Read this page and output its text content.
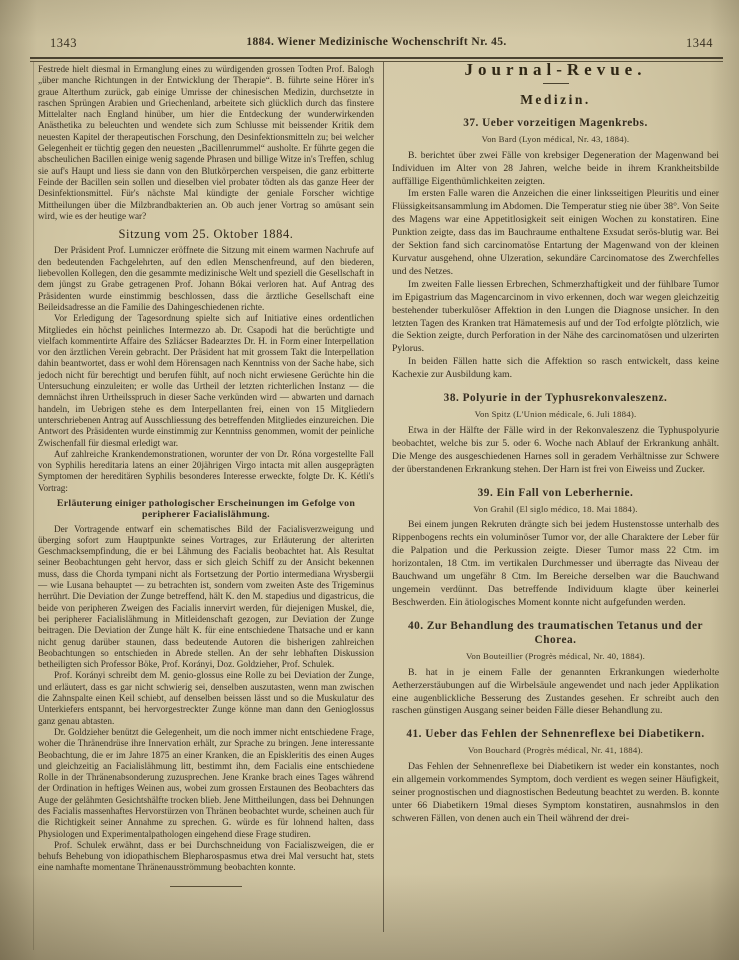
1343	1884. Wiener Medizinische Wochenschrift Nr. 45.	1344

Festrede hielt diesmal in Ermanglung eines zu würdigenden grossen Todten Prof. Balogh „über manche Richtungen in der Entwicklung der Therapie“. B. führte seine Hörer in's graue Alterthum zurück, gab einige Umrisse der chinesischen Medizin, durchsetzte in raschen Sprüngen Arabien und Griechenland, arbeitete sich glücklich durch das finstere Mittelalter nach England hinüber, um hier die Entdeckung der wunderwirkenden Anästhetika zu beleuchten und wendete sich zum Schlusse mit beissender Kritik dem neuesten Kapitel der therapeutischen Forschung, den Desinfektionsmitteln zu; bei welcher Gelegenheit er tüchtig gegen den neuesten „Bacillenrummel“ ausholte. Er führte gegen die abscheulichen Bacillen einige wenig sagende Phrasen und billige Witze in's Treffen, schlug sie auf's Haupt und liess sie dann von den Blutkörperchen verspeisen, die ganz erbitterte Feinde der Bacillen sein sollen und dieselben viel probater tödten als das ganze Heer der Desinfektionsmittel. Für's nächste Mal kündigte der geniale Forscher wichtige Mittheilungen über die Milzbrandbakterien an. Ob auch jener Vortrag so amüsant sein wird, wie es der heutige war?

Sitzung vom 25. Oktober 1884.

Der Präsident Prof. Lumniczer eröffnete die Sitzung mit einem warmen Nachrufe auf den bedeutenden Fachgelehrten, auf den edlen Menschenfreund, auf den biederen, liebevollen Kollegen, den die gesammte medizinische Welt und speziell die Gesellschaft in dem jüngst zu Grabe getragenen Prof. Johann Bókai verloren hat. Auf Antrag des Präsidenten wurde einstimmig beschlossen, dass die ärztliche Gesellschaft eine Beileidsadresse an die Familie des Dahingeschiedenen richte.

Vor Erledigung der Tagesordnung spielte sich auf Initiative eines ordentlichen Mitgliedes ein höchst peinliches Intermezzo ab. Dr. Csapodi hat die berüchtigte und vielfach kommentirte Affaire des Szliácser Badearztes Dr. H. in Form einer Interpellation vor den ärztlichen Verein gebracht. Der Präsident hat mit grossem Takt die Interpellation dahin beantwortet, dass er wohl dem Hörensagen nach Kenntniss von der Sache habe, sich jedoch nicht für berechtigt und berufen fühlt, auf noch nicht erwiesene Gerüchte hin die Untersuchung einzuleiten; er wolle das Urtheil der letzten richterlichen Instanz — die demnächst ihren Urtheilsspruch in dieser Sache verkünden wird — abwarten und darnach handeln, im Uebrigen stehe es dem Interpellanten frei, einen von 15 Mitgliedern unterschriebenen Antrag auf Ausschliessung des betreffenden Mitgliedes einzureichen. Die Antwort des Präsidenten wurde einstimmig zur Kenntniss genommen, womit der peinliche Zwischenfall für diesmal erledigt war.

Auf zahlreiche Krankendemonstrationen, worunter der von Dr. Róna vorgestellte Fall von Syphilis hereditaria latens an einer 20jährigen Virgo intacta mit allen ausgeprägten Symptomen der hereditären Syphilis besonderes Interesse erweckte, folgte Dr. K. Kétli's Vortrag:

Erläuterung einiger pathologischer Erscheinungen im Gefolge von peripherer Facialislähmung.

Der Vortragende entwarf ein schematisches Bild der Facialisverzweigung und überging sofort zum Hauptpunkte seines Vortrages, zur Erläuterung der alterirten Geschmacksempfindung, die er bei Lähmung des Facialis beobachtet hat. Als Resultat seiner Beobachtungen geht hervor, dass er sich gleich Schiff zu der Ansicht bekennen muss, dass die Chorda tympani nicht als Fortsetzung der Portio intermediana Wrysbergii — wie Lusana behauptet — zu betrachten ist, sondern vom zweiten Aste des Trigeminus herrührt. Die Deviation der Zunge betreffend, hält K. den M. stapedius und digastricus, die beide von peripheren Zweigen des Facialis innervirt werden, für diejenigen Muskel, die, bei peripherer Facialislähmung in Mitleidenschaft gezogen, zur Deviation der Zunge beitragen. Die Deviation der Zunge hält K. für eine entschiedene Thatsache und er kann nicht genug darüber staunen, dass bedeutende Autoren die bisherigen zahlreichen Beobachtungen so entschieden in Abrede stellen. An der sehr lebhaften Diskussion betheiligten sich Professor Böke, Prof. Korányi, Doz. Goldzieher, Prof. Schulek.

Prof. Korányi schreibt dem M. genio-glossus eine Rolle zu bei Deviation der Zunge, und erläutert, dass es gar nicht schwierig sei, denselben auszutasten, wenn man zwischen die Zahnspalte einen Keil schiebt, auf denselben beissen lässt und so die Muskulatur des Unterkiefers entspannt, bei hervorgestreckter Zunge könne man dann den Genioglossus ganz genau abtasten.

Dr. Goldzieher benützt die Gelegenheit, um die noch immer nicht entschiedene Frage, woher die Thränendrüse ihre Innervation erhält, zur Sprache zu bringen. Jene interessante Beobachtung, die er im Jahre 1875 an einer Kranken, die an Episkleritis des einen Auges und gleichzeitig an Facialislähmung litt, bestimmt ihn, dem Facialis eine entschiedene Rolle in der Thränenabsonderung zuzusprechen. Jene Kranke brach eines Tages während der Ordination in heftiges Weinen aus, wobei zum grossen Erstaunen des Beobachters das Auge der gelähmten Gesichtshälfte trocken blieb. Jene Mittheilungen, dass bei Dehnungen des Facialis massenhaftes Hervorstürzen von Thränen beobachtet wurde, scheinen auch für die Richtigkeit seiner Annahme zu sprechen. G. würde es für lohnend halten, dass Physiologen und Experimentalpathologen eingehend diese Frage studiren.

Prof. Schulek erwähnt, dass er bei Durchschneidung von Facialiszweigen, die er behufs Behebung von idiopathischem Blepharospasmus etwa drei Mal versucht hat, stets eine namhafte momentane Thränenausströmmung beobachten konnte.

Journal-Revue.
Medizin.
37. Ueber vorzeitigen Magenkrebs.
Von Bard (Lyon médical, Nr. 43, 1884).

B. berichtet über zwei Fälle von krebsiger Degeneration der Magenwand bei Individuen im Alter von 28 Jahren, welche beide in ihrem Krankheitsbilde auffällige Eigenthümlichkeiten zeigten.

Im ersten Falle waren die Anzeichen die einer linksseitigen Pleuritis und einer Flüssigkeitsansammlung im Abdomen. Die Temperatur stieg nie über 38°. Von Seite des Magens war eine Appetitlosigkeit seit einigen Wochen zu konstatiren. Eine Punktion zeigte, dass das im Bauchraume enthaltene Exsudat serös-blutig war. Bei der Sektion fand sich carcinomatöse Entartung der Magenwand von der kleinen Kurvatur ausgehend, ohne Ulzeration, sekundäre Carcinomatose des Zwerchfelles und des Netzes.

Im zweiten Falle liessen Erbrechen, Schmerzhaftigkeit und der fühlbare Tumor im Epigastrium das Magencarcinom in vivo erkennen, doch war wegen gleichzeitig bestehender tuberkulöser Affektion in den Lungen die Diagnose unsicher. In den letzten Tagen des Kranken trat Hämatemesis auf und der Tod erfolgte plötzlich, wie die Sektion zeigte, durch Perforation in der Nähe des carcinomatösen und ulzerirten Pylorus.

In beiden Fällen hatte sich die Affektion so rasch entwickelt, dass keine Kachexie zur Ausbildung kam.

38. Polyurie in der Typhusrekonvaleszenz.
Von Spitz (L'Union médicale, 6. Juli 1884).

Etwa in der Hälfte der Fälle wird in der Rekonvaleszenz die Typhuspolyurie beobachtet, welche bis zur 5. oder 6. Woche nach Ablauf der Erkrankung anhält. Die Menge des ausgeschiedenen Harnes soll in geradem Verhältnisse zur Schwere der überstandenen Erkrankung stehen. Der Harn ist frei von Eiweiss und Zucker.

39. Ein Fall von Leberhernie.
Von Grahil (El siglo médico, 18. Mai 1884).

Bei einem jungen Rekruten drängte sich bei jedem Hustenstosse unterhalb des Rippenbogens rechts ein voluminöser Tumor vor, der alle Charaktere der Leber für die Palpation und die Perkussion zeigte. Dieser Tumor mass 22 Ctm. im horizontalen, 18 Ctm. im vertikalen Durchmesser und überragte das Niveau der Bauchwand um ungefähr 8 Ctm. Im Bereiche derselben war die Bauchwand ungemein verdünnt. Das betreffende Individuum klagte über keinerlei Beschwerden. Ein ätiologisches Moment konnte nicht aufgefunden werden.

40. Zur Behandlung des traumatischen Tetanus und der Chorea.
Von Bouteillier (Progrès médical, Nr. 40, 1884).

B. hat in je einem Falle der genannten Erkrankungen wiederholte Aetherzerstäubungen auf die Wirbelsäule angewendet und nach jeder Applikation eine augenblickliche Besserung des Zustandes gesehen. Er schreibt auch den raschen günstigen Ausgang seiner beiden Fälle dieser Behandlung zu.

41. Ueber das Fehlen der Sehnenreflexe bei Diabetikern.
Von Bouchard (Progrès médical, Nr. 41, 1884).

Das Fehlen der Sehnenreflexe bei Diabetikern ist weder ein konstantes, noch ein allgemein vorkommendes Symptom, doch verdient es wegen seiner Häufigkeit, seiner prognostischen und diagnostischen Bedeutung beachtet zu werden. B. konnte unter 66 Diabetikern 19mal dieses Symptom konstatiren, ausnahmslos in den schweren Fällen, von denen auch ein Theil während der drei-
